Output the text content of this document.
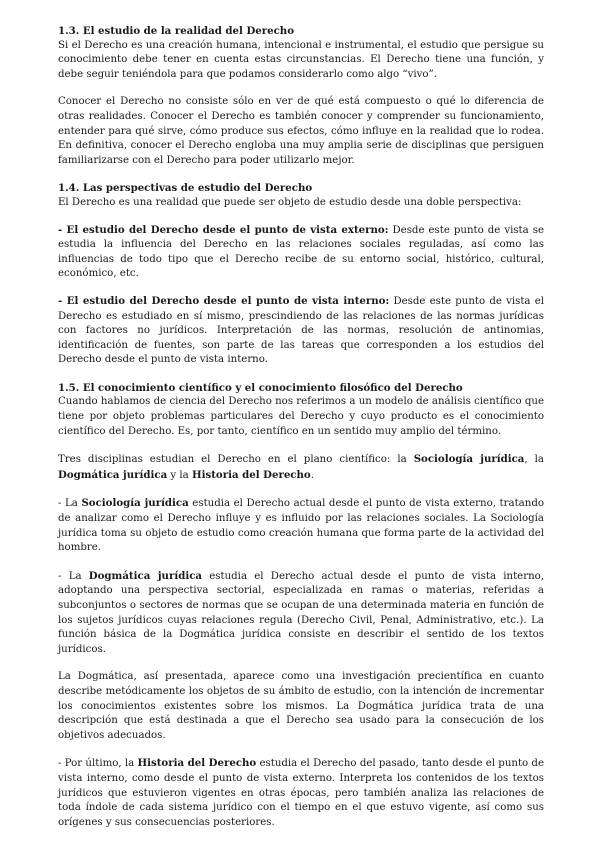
1.3. El estudio de la realidad del Derecho

Si el Derecho es una creación humana, intencional e instrumental, el estudio que persigue su conocimiento debe tener en cuenta estas circunstancias. El Derecho tiene una función, y debe seguir teniéndola para que podamos considerarlo como algo “vivo”.

Conocer el Derecho no consiste sólo en ver de qué está compuesto o qué lo diferencia de otras realidades. Conocer el Derecho es también conocer y comprender su funcionamiento, entender para qué sirve, cómo produce sus efectos, cómo influye en la realidad que lo rodea. En definitiva, conocer el Derecho engloba una muy amplia serie de disciplinas que persiguen familiarizarse con el Derecho para poder utilizarlo mejor.

1.4. Las perspectivas de estudio del Derecho

El Derecho es una realidad que puede ser objeto de estudio desde una doble perspectiva:

- El estudio del Derecho desde el punto de vista externo: Desde este punto de vista se estudia la influencia del Derecho en las relaciones sociales reguladas, así como las influencias de todo tipo que el Derecho recibe de su entorno social, histórico, cultural, económico, etc.

- El estudio del Derecho desde el punto de vista interno: Desde este punto de vista el Derecho es estudiado en sí mismo, prescindiendo de las relaciones de las normas jurídicas con factores no jurídicos. Interpretación de las normas, resolución de antinomias, identificación de fuentes, son parte de las tareas que corresponden a los estudios del Derecho desde el punto de vista interno.

1.5. El conocimiento científico y el conocimiento filosófico del Derecho

Cuando hablamos de ciencia del Derecho nos referimos a un modelo de análisis científico que tiene por objeto problemas particulares del Derecho y cuyo producto es el conocimiento científico del Derecho. Es, por tanto, científico en un sentido muy amplio del término.

Tres disciplinas estudian el Derecho en el plano científico: la Sociología jurídica, la Dogmática jurídica y la Historia del Derecho.

- La Sociología jurídica estudia el Derecho actual desde el punto de vista externo, tratando de analizar como el Derecho influye y es influido por las relaciones sociales. La Sociología jurídica toma su objeto de estudio como creación humana que forma parte de la actividad del hombre.

- La Dogmática jurídica estudia el Derecho actual desde el punto de vista interno, adoptando una perspectiva sectorial, especializada en ramas o materias, referidas a subconjuntos o sectores de normas que se ocupan de una determinada materia en función de los sujetos jurídicos cuyas relaciones regula (Derecho Civil, Penal, Administrativo, etc.). La función básica de la Dogmática jurídica consiste en describir el sentido de los textos jurídicos.

La Dogmática, así presentada, aparece como una investigación precientífica en cuanto describe metódicamente los objetos de su ámbito de estudio, con la intención de incrementar los conocimientos existentes sobre los mismos. La Dogmática jurídica trata de una descripción que está destinada a que el Derecho sea usado para la consecución de los objetivos adecuados.

- Por último, la Historia del Derecho estudia el Derecho del pasado, tanto desde el punto de vista interno, como desde el punto de vista externo. Interpreta los contenidos de los textos jurídicos que estuvieron vigentes en otras épocas, pero también analiza las relaciones de toda índole de cada sistema jurídico con el tiempo en el que estuvo vigente, así como sus orígenes y sus consecuencias posteriores.
